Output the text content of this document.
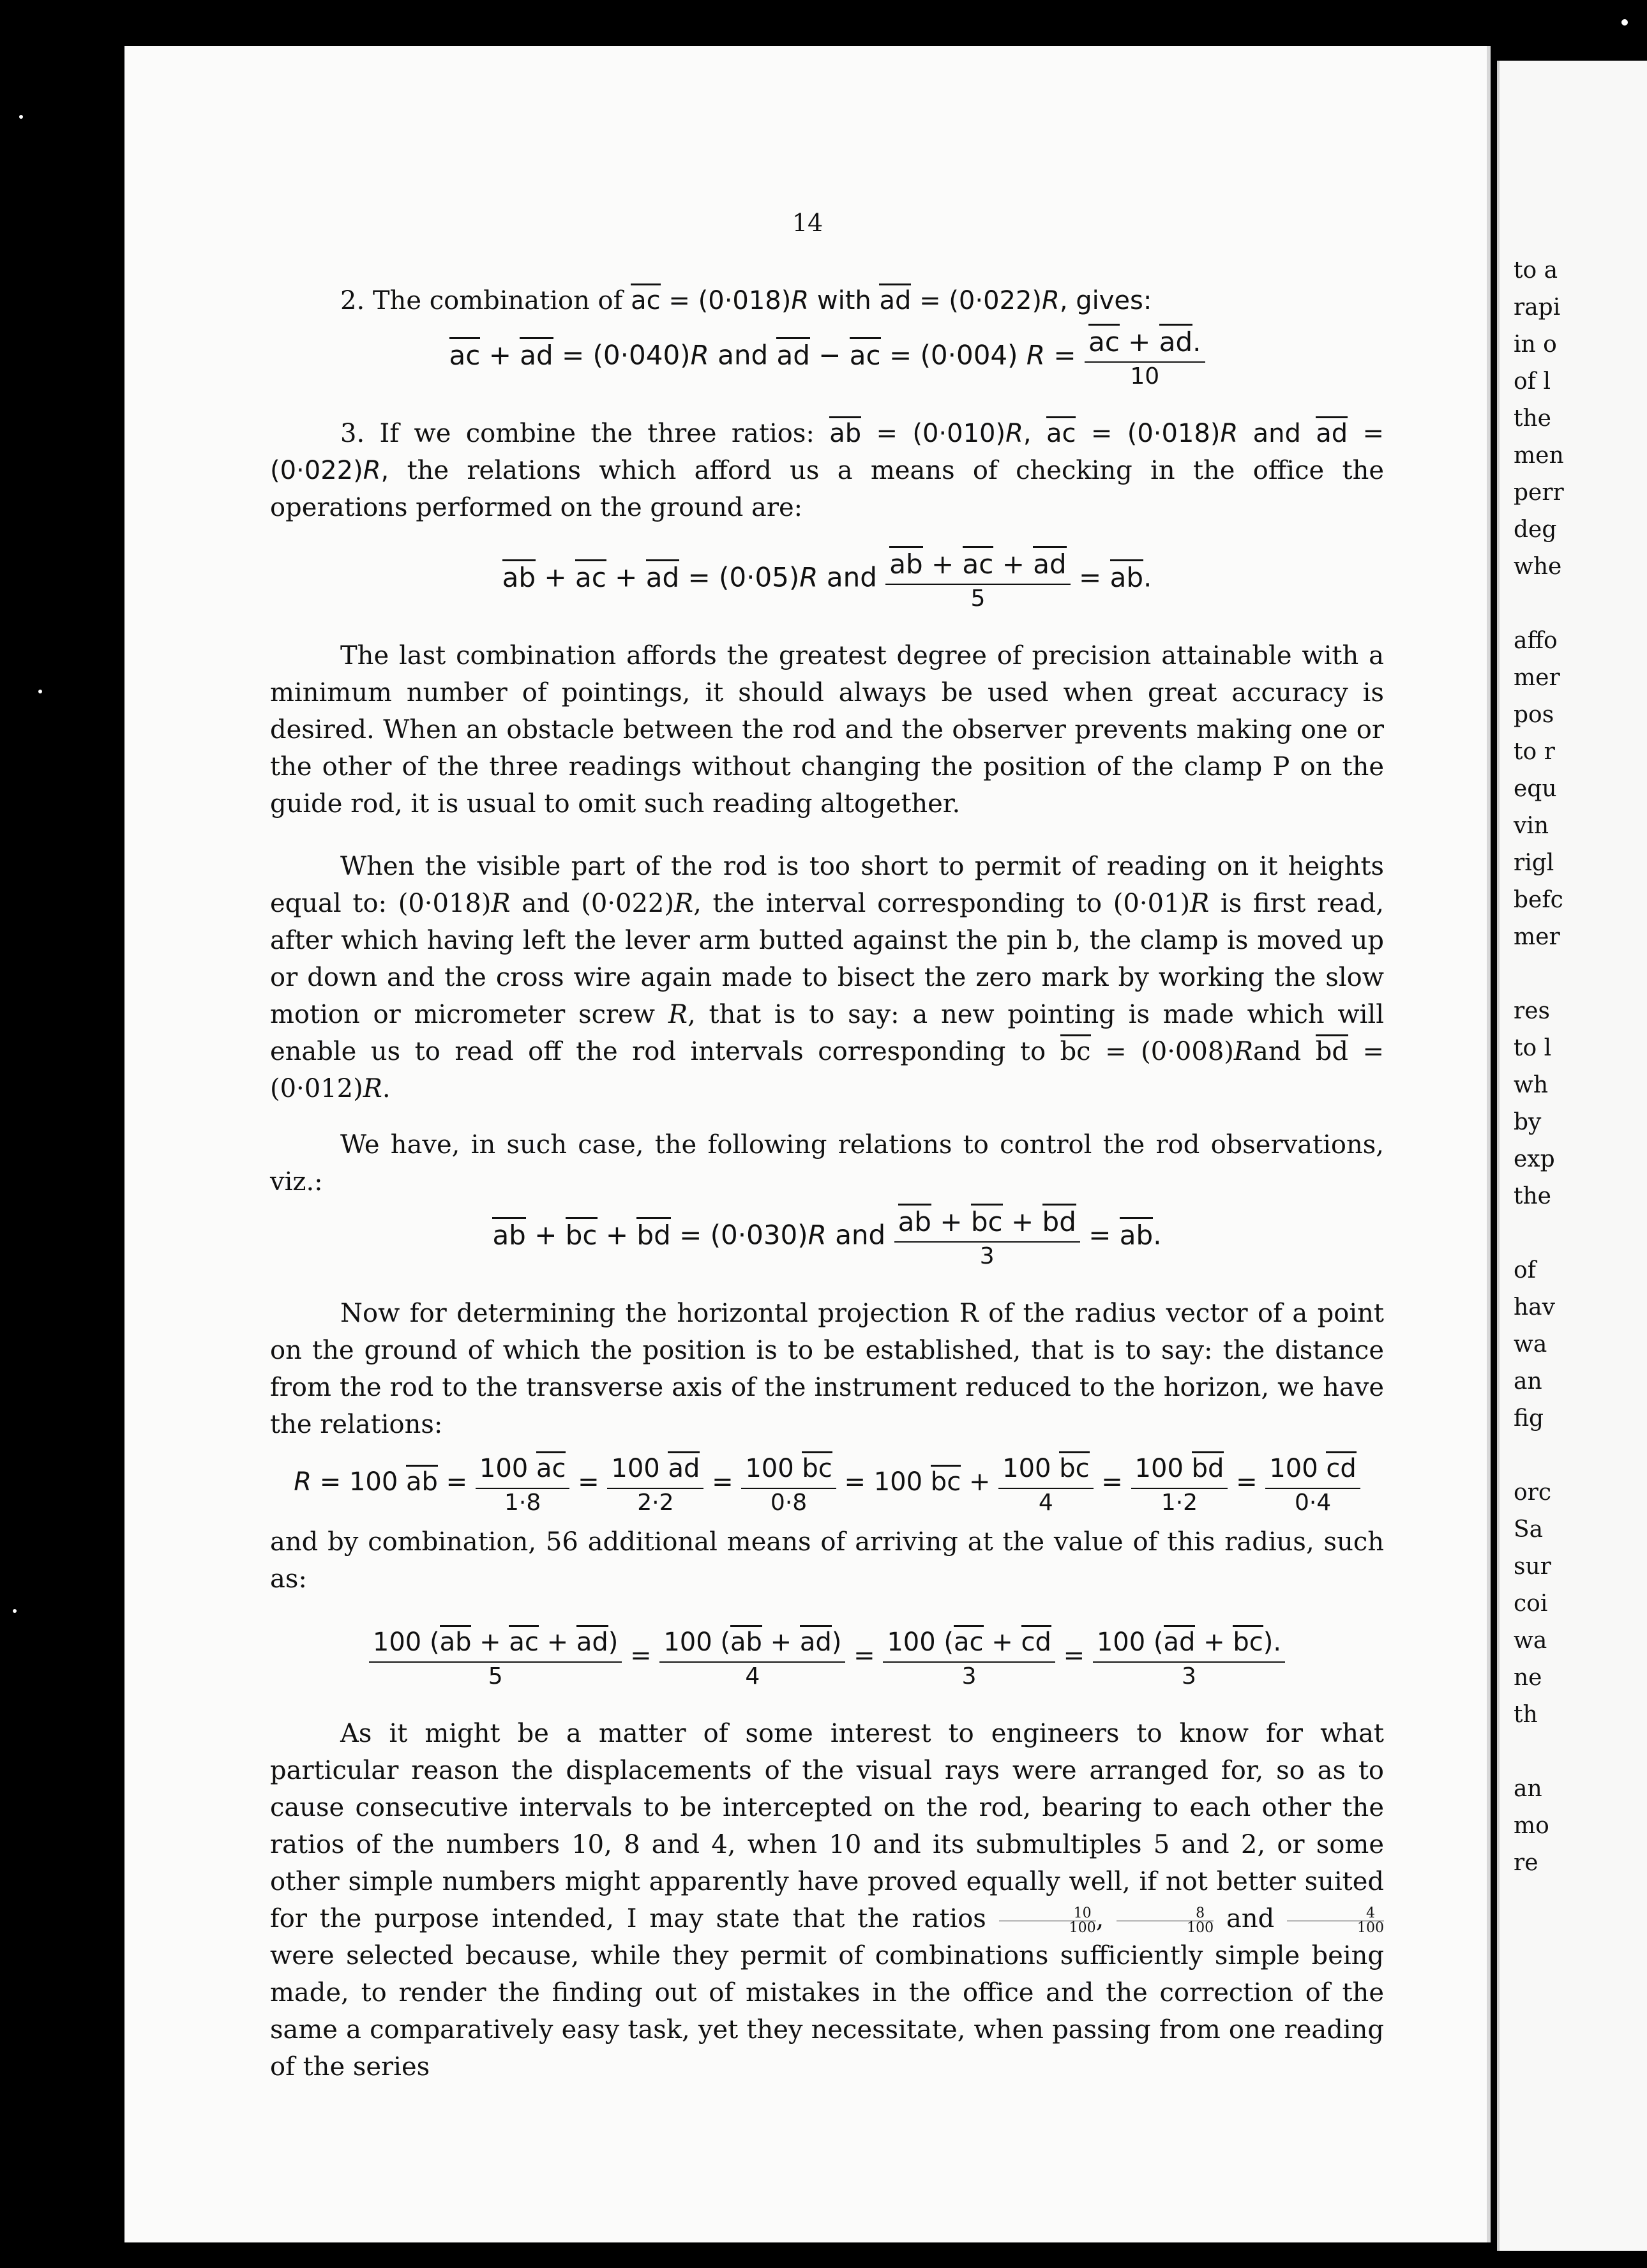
14
2. The combination of ac = (0·018)R with ad = (0·022)R, gives:
ac + ad = (0·040)R and ad − ac = (0·004) $R = \frac{ac + ad.}{10}$
3. If we combine the three ratios: ab = (0·010)R, ac = (0·018)R and ad = (0·022)R, the relations which afford us a means of checking in the office the operations performed on the ground are:
ab + ac + ad = (0·05)R and $\frac{ab + ac + ad}{5}$ = ab.

The last combination affords the greatest degree of precision attainable with a minimum number of pointings, it should always be used when great accuracy is desired. When an obstacle between the rod and the observer prevents making one or the other of the three readings without changing the position of the clamp P on the guide rod, it is usual to omit such reading altogether.

When the visible part of the rod is too short to permit of reading on it heights equal to: (0·018)R and (0·022)R, the interval corresponding to (0·01)R is first read, after which having left the lever arm butted against the pin b, the clamp is moved up or down and the cross wire again made to bisect the zero mark by working the slow motion or micrometer screw R, that is to say: a new pointing is made which will enable us to read off the rod intervals corresponding to bc = (0·008)Rand bd = (0·012)R.

We have, in such case, the following relations to control the rod observations, viz.:

ab + bc + bd = (0·030)R and $\frac{ab + bc + bd}{3}$ = ab.

Now for determining the horizontal projection R of the radius vector of a point on the ground of which the position is to be established, that is to say: the distance from the rod to the transverse axis of the instrument reduced to the horizon, we have the relations:

R = 100 ab = $\frac{100 ac}{1\cdot 8} = \frac{100 ad}{2\cdot 2} = \frac{100 bc}{0\cdot 8} = 100$ bc + $\frac{100 bc}{4} = \frac{100 bd}{1\cdot 2} = \frac{100 cd}{0\cdot 4}$

and by combination, 56 additional means of arriving at the value of this radius, such as:

$\frac{100 (ab + ac + ad)}{5} = \frac{100 (ab + ad)}{4} = \frac{100 (ac + cd}{3} = \frac{100 (ad + bc).}{3}$
As it might be a matter of some interest to engineers to know for what particular reason the displacements of the visual rays were arranged for, so as to cause consecutive intervals to be intercepted on the rod, bearing to each other the ratios of the numbers 10, 8 and 4, when 10 and its submultiples 5 and 2, or some other simple numbers might apparently have proved equally well, if not better suited for the purpose intended, I may state that the ratios $\frac{10}{100}$ , $\frac{8}{100}$ and $\frac{4}{100}$
were selected because, while they permit of combinations sufficiently simple being made, to render the finding out of mistakes in the office and the correction of the same a comparatively easy task, yet they necessitate, when passing from one reading of the series

to a

rapi

in o

of l

the

men

perr

deg

whe

affo

mer

pos

to r

equ

vin

rigl

befc

mer

res

to l

wh

by

exp

the

of

hav

wa

an

fig

orc

Sa

sur

coi

wa

ne

th

an

mo

re
